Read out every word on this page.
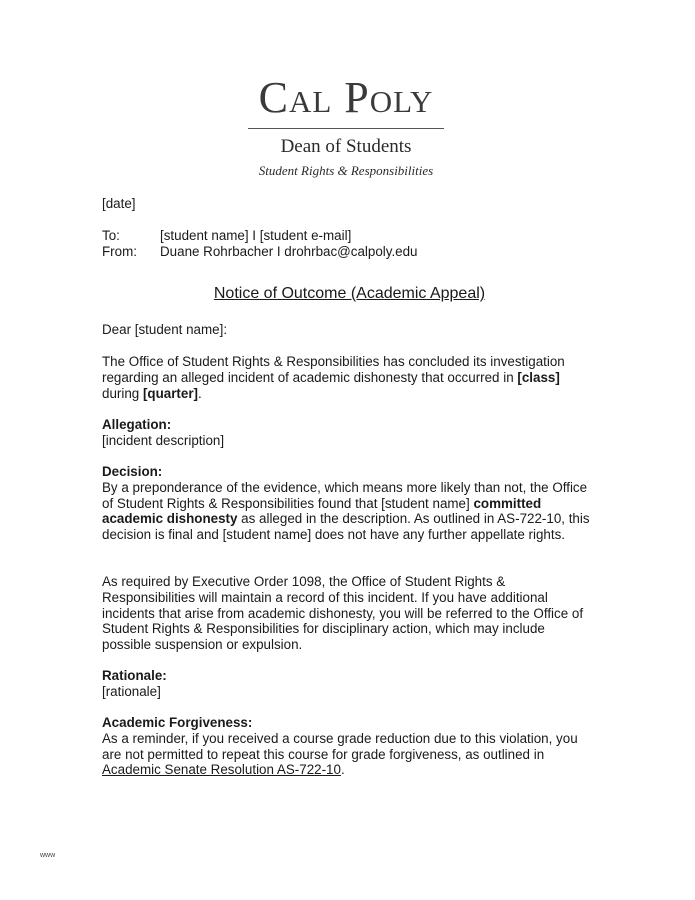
Cal Poly
Dean of Students
Student Rights & Responsibilities
[date]
To:	[student name] I [student e-mail]
From:	Duane Rohrbacher I drohrbac@calpoly.edu
Notice of Outcome (Academic Appeal)
Dear [student name]:

The Office of Student Rights & Responsibilities has concluded its investigation regarding an alleged incident of academic dishonesty that occurred in [class] during [quarter].

Allegation:
[incident description]
Decision:

By a preponderance of the evidence, which means more likely than not, the Office of Student Rights & Responsibilities found that [student name] committed academic dishonesty as alleged in the description. As outlined in AS-722-10, this decision is final and [student name] does not have any further appellate rights.

As required by Executive Order 1098, the Office of Student Rights & Responsibilities will maintain a record of this incident. If you have additional incidents that arise from academic dishonesty, you will be referred to the Office of Student Rights & Responsibilities for disciplinary action, which may include possible suspension or expulsion.

Rationale:
[rationale]
Academic Forgiveness:

As a reminder, if you received a course grade reduction due to this violation, you are not permitted to repeat this course for grade forgiveness, as outlined in Academic Senate Resolution AS-722-10.

www
